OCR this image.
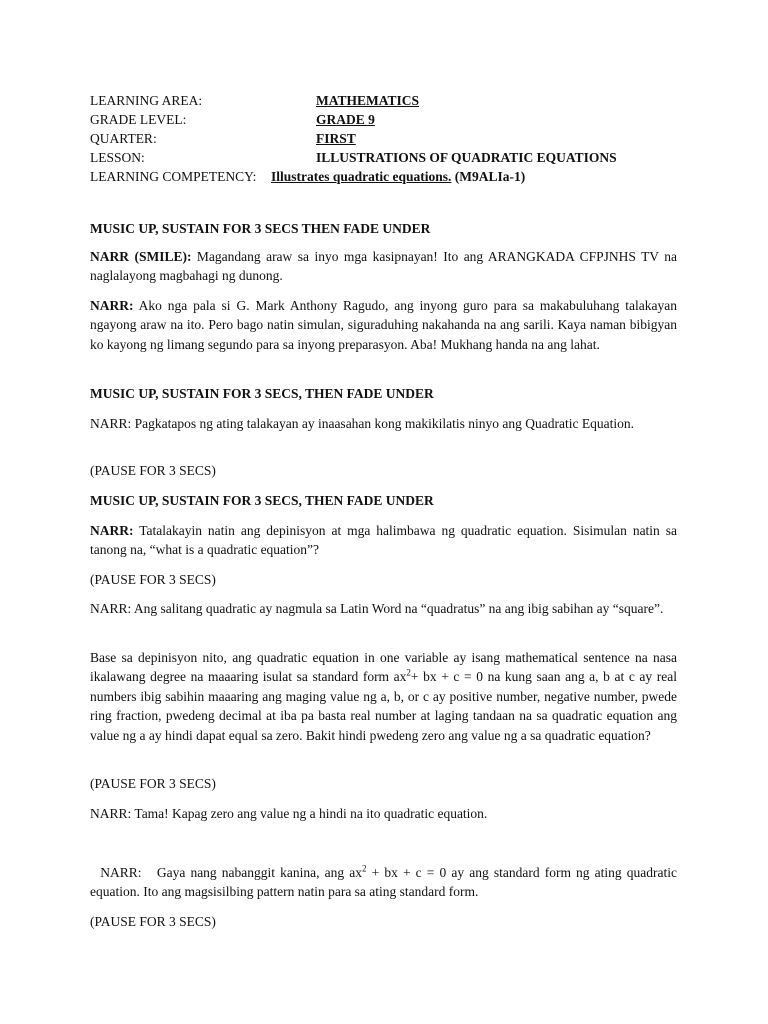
LEARNING AREA:	MATHEMATICS
GRADE LEVEL:	GRADE 9
QUARTER:	FIRST
LESSON:	ILLUSTRATIONS OF QUADRATIC EQUATIONS
LEARNING COMPETENCY: Illustrates quadratic equations. (M9ALIa-1)

MUSIC UP, SUSTAIN FOR 3 SECS THEN FADE UNDER

NARR (SMILE): Magandang araw sa inyo mga kasipnayan! Ito ang ARANGKADA CFPJNHS TV na naglalayong magbahagi ng dunong.

NARR: Ako nga pala si G. Mark Anthony Ragudo, ang inyong guro para sa makabuluhang talakayan ngayong araw na ito. Pero bago natin simulan, siguraduhing nakahanda na ang sarili. Kaya naman bibigyan ko kayong ng limang segundo para sa inyong preparasyon. Aba! Mukhang handa na ang lahat.

MUSIC UP, SUSTAIN FOR 3 SECS, THEN FADE UNDER

NARR: Pagkatapos ng ating talakayan ay inaasahan kong makikilatis ninyo ang Quadratic Equation.

(PAUSE FOR 3 SECS)

MUSIC UP, SUSTAIN FOR 3 SECS, THEN FADE UNDER

NARR: Tatalakayin natin ang depinisyon at mga halimbawa ng quadratic equation. Sisimulan natin sa tanong na, “what is a quadratic equation”?

(PAUSE FOR 3 SECS)

NARR: Ang salitang quadratic ay nagmula sa Latin Word na “quadratus” na ang ibig sabihan ay “square”.

Base sa depinisyon nito, ang quadratic equation in one variable ay isang mathematical sentence na nasa ikalawang degree na maaaring isulat sa standard form $ax^2+$ bx + c = 0 na kung saan ang a, b at c ay real numbers ibig sabihin maaaring ang maging value ng a, b, or c ay positive number, negative number, pwede ring fraction, pwedeng decimal at iba pa basta real number at laging tandaan na sa quadratic equation ang value ng a ay hindi dapat equal sa zero. Bakit hindi pwedeng zero ang value ng a sa quadratic equation?

(PAUSE FOR 3 SECS)

NARR: Tama! Kapag zero ang value ng a hindi na ito quadratic equation.

NARR:   Gaya nang nabanggit kanina, ang $ax^2$ + bx + c = 0 ay ang standard form ng ating quadratic equation. Ito ang magsisilbing pattern natin para sa ating standard form.

(PAUSE FOR 3 SECS)
